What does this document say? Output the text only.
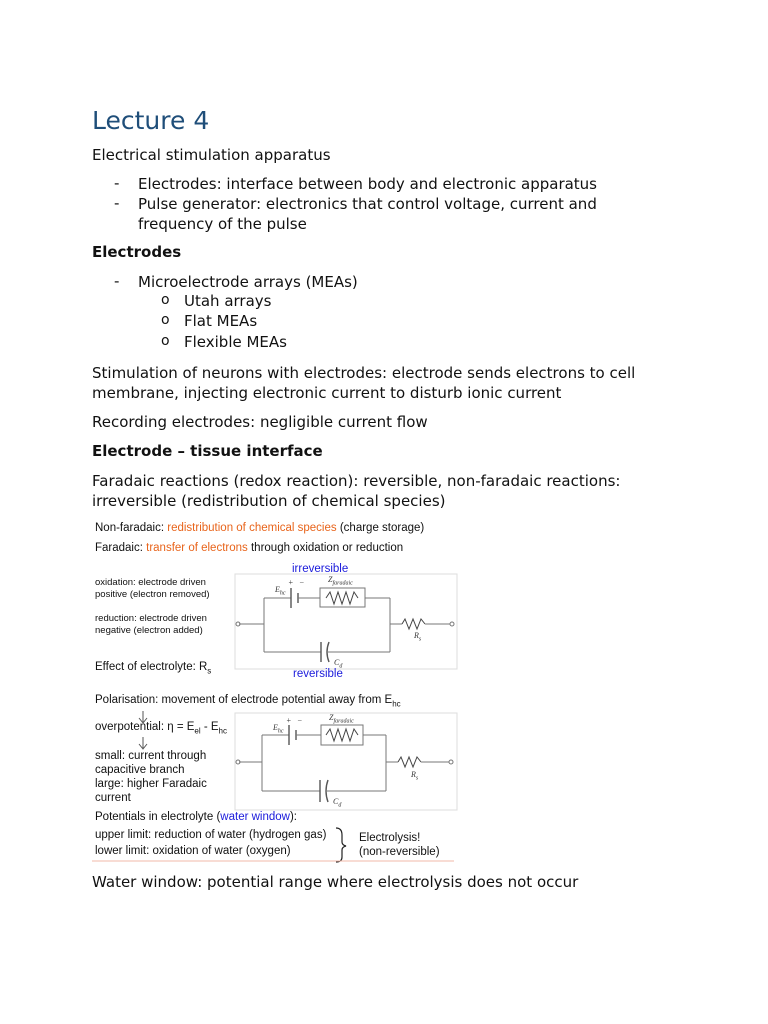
Lecture 4

Electrical stimulation apparatus

- Electrodes: interface between body and electronic apparatus
- Pulse generator: electronics that control voltage, current and frequency of the pulse

Electrodes

- Microelectrode arrays (MEAs)
o Utah arrays
o Flat MEAs
o Flexible MEAs

Stimulation of neurons with electrodes: electrode sends electrons to cell membrane, injecting electronic current to disturb ionic current

Recording electrodes: negligible current flow

Electrode – tissue interface

Faradaic reactions (redox reaction): reversible, non-faradaic reactions: irreversible (redistribution of chemical species)

Non-faradaic: redistribution of chemical species (charge storage)
Faradaic: transfer of electrons through oxidation or reduction
irreversible
reversible
oxidation: electrode driven
positive (electron removed)
reduction: electrode driven
negative (electron added)
Effect of electrolyte: $R_s$
Polarisation: movement of electrode potential away from $E_{hc}$
overpotential: $\eta = E_{el} - E_{hc}$
small: current through
capacitive branch
large: higher Faradaic
current
Potentials in electrolyte (water window):
upper limit: reduction of water (hydrogen gas)
lower limit: oxidation of water (oxygen)
Electrolysis!
(non-reversible)
$E_{hc}$
+ −	$Z_{faradaic}$
$C_d$
$R_s$
$E_{hc}$
+ −	$Z_{faradaic}$
$C_d$
$R_s$

Water window: potential range where electrolysis does not occur
